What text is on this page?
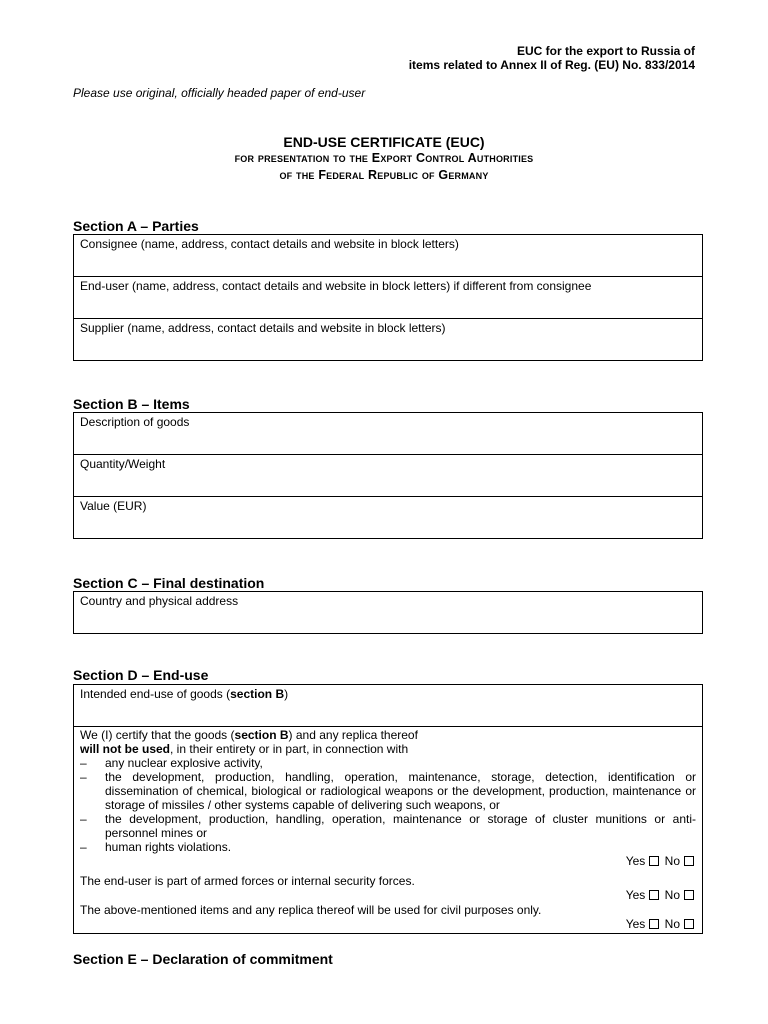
EUC for the export to Russia of
items related to Annex II of Reg. (EU) No. 833/2014
Please use original, officially headed paper of end-user
END-USE CERTIFICATE (EUC)
for presentation to the Export Control Authorities
of the Federal Republic of Germany
Section A – Parties
Consignee (name, address, contact details and website in block letters)
End-user (name, address, contact details and website in block letters) if different from consignee
Supplier (name, address, contact details and website in block letters)
Section B – Items
Description of goods
Quantity/Weight
Value (EUR)
Section C – Final destination
Country and physical address
Section D – End-use
Intended end-use of goods (section B)

We (I) certify that the goods (section B) and any replica thereof

will not be used, in their entirety or in part, in connection with

– any nuclear explosive activity,
– the development, production, handling, operation, maintenance, storage, detection, identification or dissemination of chemical, biological or radiological weapons or the development, production, maintenance or storage of missiles / other systems capable of delivering such weapons, or
– the development, production, handling, operation, maintenance or storage of cluster munitions or anti-personnel mines or
– human rights violations.
Yes No

The end-user is part of armed forces or internal security forces.

Yes No

The above-mentioned items and any replica thereof will be used for civil purposes only.

Yes No
Section E – Declaration of commitment
